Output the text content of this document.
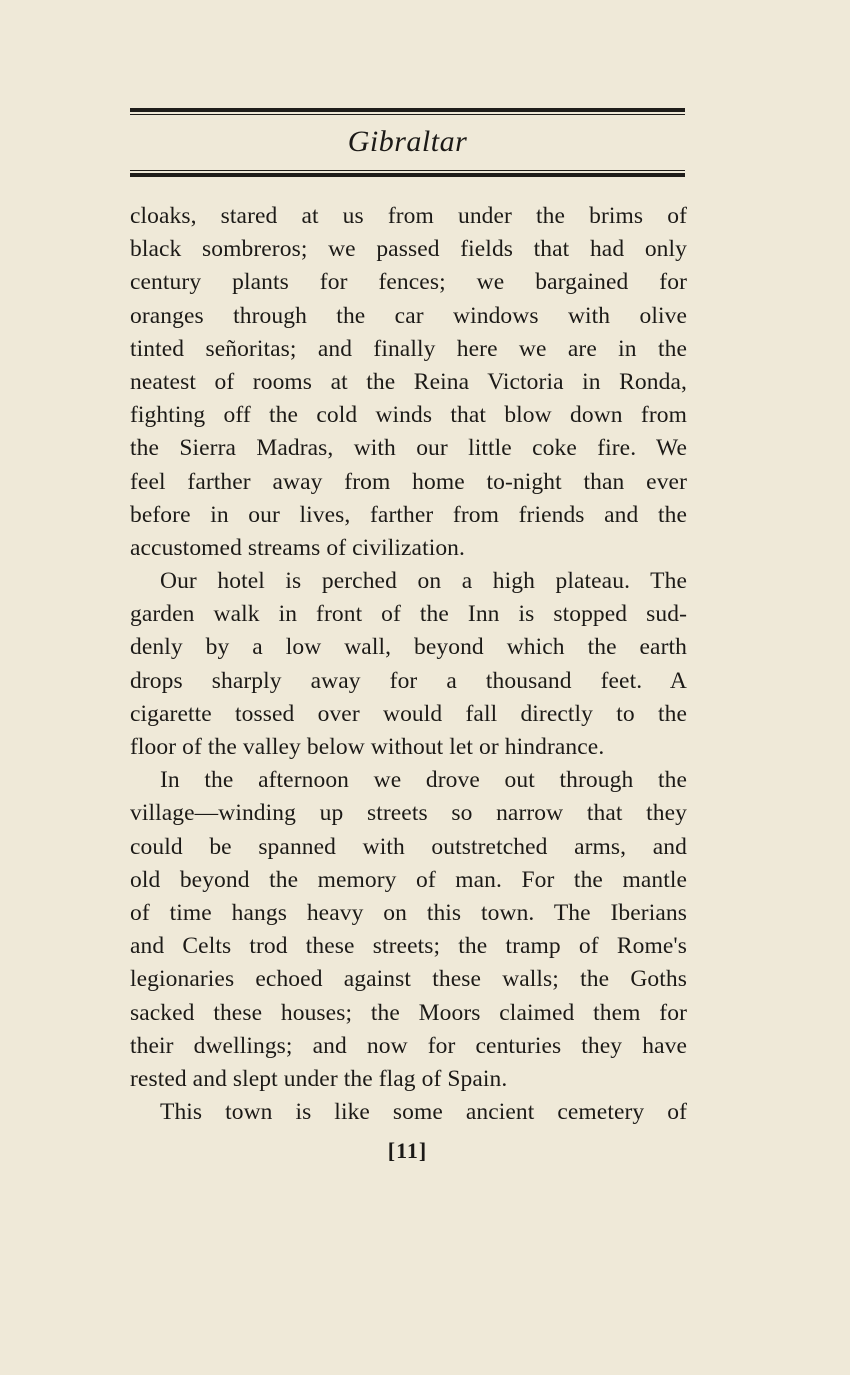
Gibraltar
cloaks, stared at us from under the brims of
black sombreros; we passed fields that had only
century plants for fences; we bargained for
oranges through the car windows with olive
tinted señoritas; and finally here we are in the
neatest of rooms at the Reina Victoria in Ronda,
fighting off the cold winds that blow down from
the Sierra Madras, with our little coke fire. We
feel farther away from home to-night than ever
before in our lives, farther from friends and the
accustomed streams of civilization.
Our hotel is perched on a high plateau. The
garden walk in front of the Inn is stopped sud-
denly by a low wall, beyond which the earth
drops sharply away for a thousand feet. A
cigarette tossed over would fall directly to the
floor of the valley below without let or hindrance.
In the afternoon we drove out through the
village—winding up streets so narrow that they
could be spanned with outstretched arms, and
old beyond the memory of man. For the mantle
of time hangs heavy on this town. The Iberians
and Celts trod these streets; the tramp of Rome's
legionaries echoed against these walls; the Goths
sacked these houses; the Moors claimed them for
their dwellings; and now for centuries they have
rested and slept under the flag of Spain.
This town is like some ancient cemetery of
[11]
